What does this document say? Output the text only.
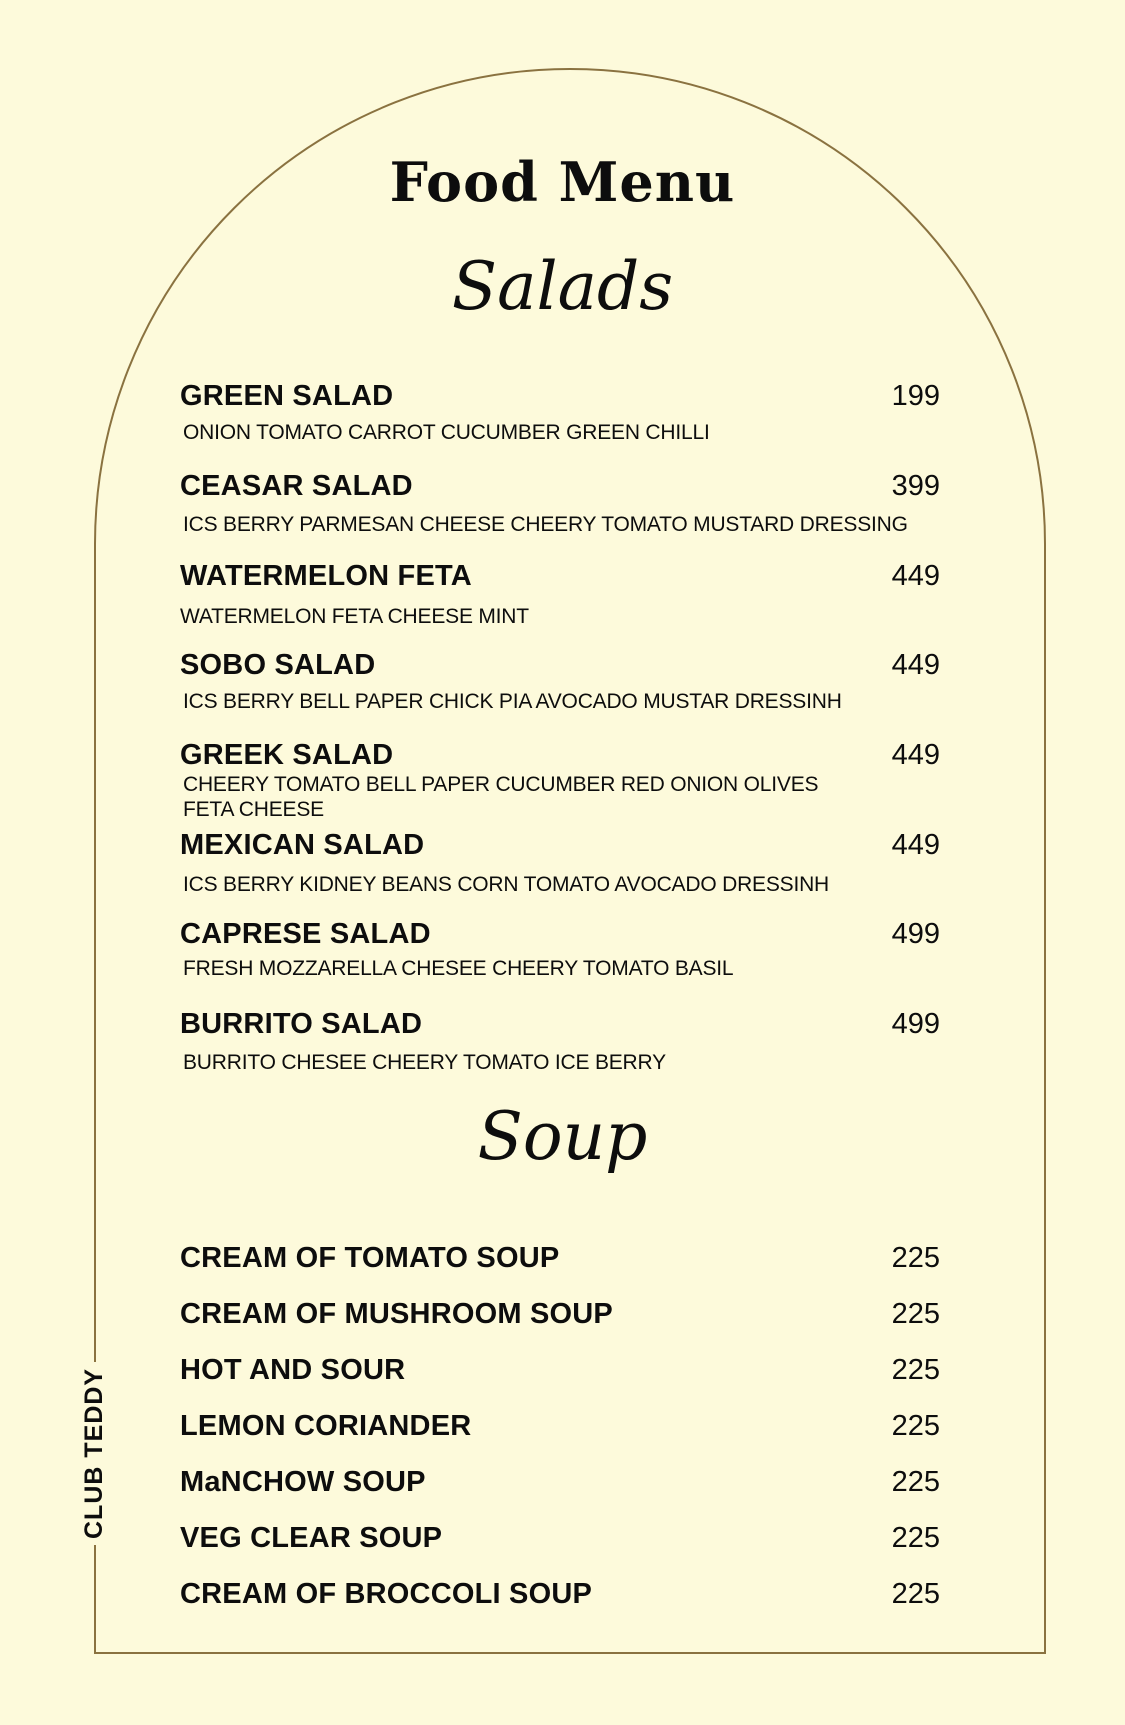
Food Menu
Salads
GREEN SALAD	199
ONION TOMATO CARROT CUCUMBER GREEN CHILLI
CEASAR SALAD	399
ICS BERRY PARMESAN CHEESE CHEERY TOMATO MUSTARD DRESSING
WATERMELON FETA	449
WATERMELON FETA CHEESE MINT
SOBO SALAD	449
ICS BERRY BELL PAPER CHICK PIA AVOCADO MUSTAR DRESSINH
GREEK SALAD	449
CHEERY TOMATO BELL PAPER CUCUMBER RED ONION OLIVES FETA CHEESE
MEXICAN SALAD	449
ICS BERRY KIDNEY BEANS CORN TOMATO AVOCADO DRESSINH
CAPRESE SALAD	499
FRESH MOZZARELLA CHESEE CHEERY TOMATO BASIL
BURRITO SALAD	499
BURRITO CHESEE CHEERY TOMATO ICE BERRY
Soup
CREAM OF TOMATO SOUP	225
CREAM OF MUSHROOM SOUP	225
HOT AND SOUR	225
LEMON CORIANDER	225
MaNCHOW SOUP	225
VEG CLEAR SOUP	225
CREAM OF BROCCOLI SOUP	225
CLUB TEDDY
